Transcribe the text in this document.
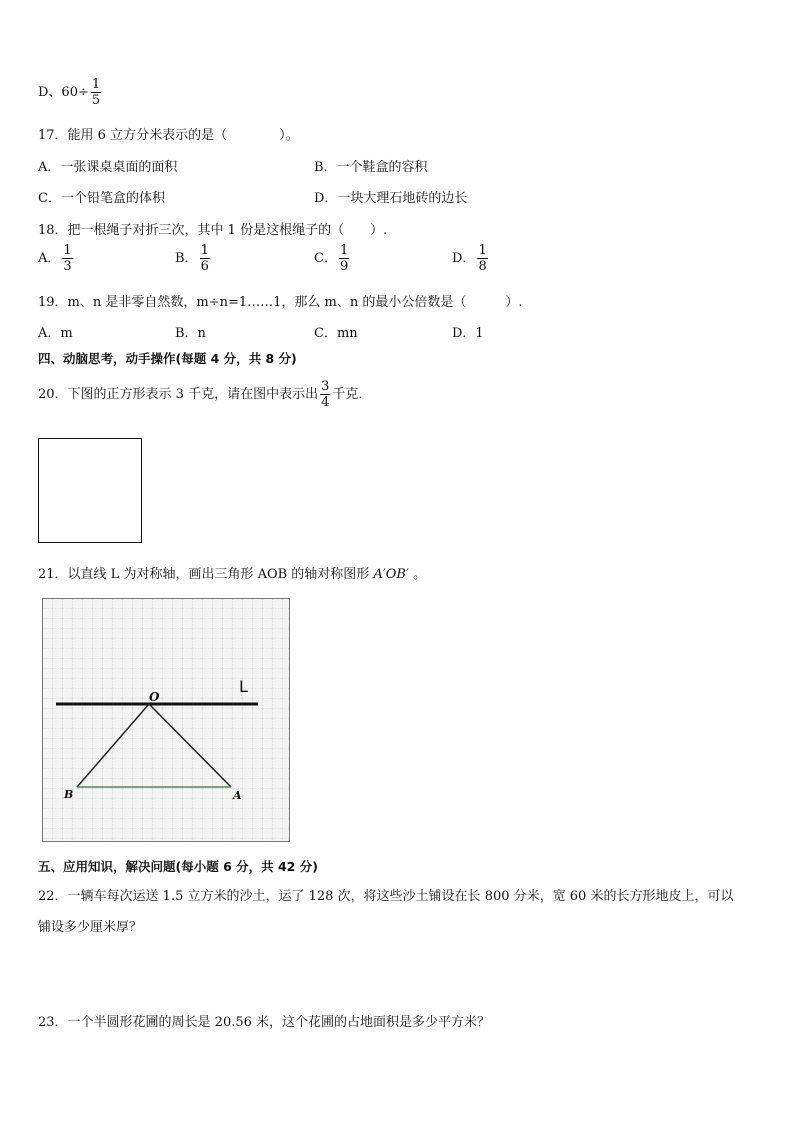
D、$60\div \frac{1}{5}$
17．能用 6 立方分米表示的是（　　　　）。
A．一张课桌桌面的面积	B．一个鞋盒的容积
C．一个铅笔盒的体积	D．一块大理石地砖的边长
18．把一根绳子对折三次，其中 1 份是这根绳子的（　　）.
A． $\frac{1}{3}$	B． $\frac{1}{6}$	C． $\frac{1}{9}$	D． $\frac{1}{8}$
19．m、n 是非零自然数，m÷n=1……1，那么 m、n 的最小公倍数是（　　　）.
A．m	B．n	C．mn	D．1
四、动脑思考，动手操作(每题 4 分，共 8 分)
20．下图的正方形表示 3 千克，请在图中表示出 $\frac{3}{4}$ 千克．
21．以直线 L 为对称轴，画出三角形 AOB 的轴对称图形 A′OB′ 。
L
O
B	A
五、应用知识，解决问题(每小题 6 分，共 42 分)
22．一辆车每次运送 1.5 立方米的沙土，运了 128 次，将这些沙土铺设在长 800 分米，宽 60 米的长方形地皮上，可以
铺设多少厘米厚？
23．一个半圆形花圃的周长是 20.56 米，这个花圃的占地面积是多少平方米？
